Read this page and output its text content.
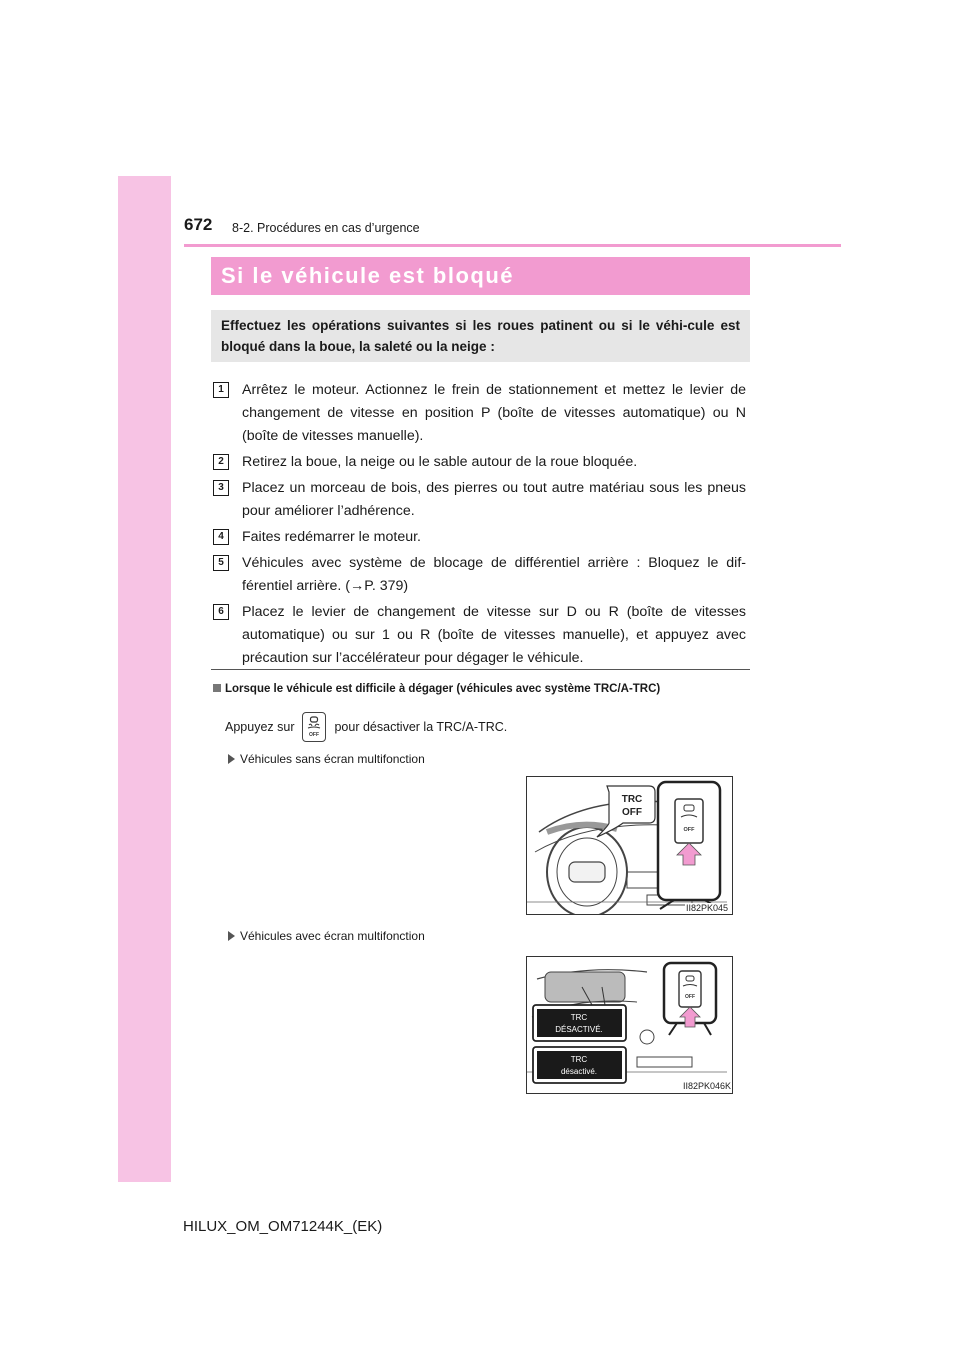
672 8-2. Procédures en cas d’urgence
Si le véhicule est bloqué
Effectuez les opérations suivantes si les roues patinent ou si le véhi-cule est bloqué dans la boue, la saleté ou la neige :
1	Arrêtez le moteur. Actionnez le frein de stationnement et mettez le levier de changement de vitesse en position P (boîte de vitesses automatique) ou N (boîte de vitesses manuelle).
2	Retirez la boue, la neige ou le sable autour de la roue bloquée.
3	Placez un morceau de bois, des pierres ou tout autre matériau sous les pneus pour améliorer l’adhérence.
4	Faites redémarrer le moteur.
5	Véhicules avec système de blocage de différentiel arrière : Bloquez le dif-férentiel arrière. (→P. 379)
6	Placez le levier de changement de vitesse sur D ou R (boîte de vitesses automatique) ou sur 1 ou R (boîte de vitesses manuelle), et appuyez avec précaution sur l’accélérateur pour dégager le véhicule.
Lorsque le véhicule est difficile à dégager (véhicules avec système TRC/A-TRC)
Appuyez sur
OFF
pour désactiver la TRC/A-TRC.
Véhicules sans écran multifonction
TRC
OFF
OFF
II82PK045
Véhicules avec écran multifonction
TRC
DÉSACTIVÉ.
TRC
désactivé.
OFF
II82PK046K
HILUX_OM_OM71244K_(EK)
